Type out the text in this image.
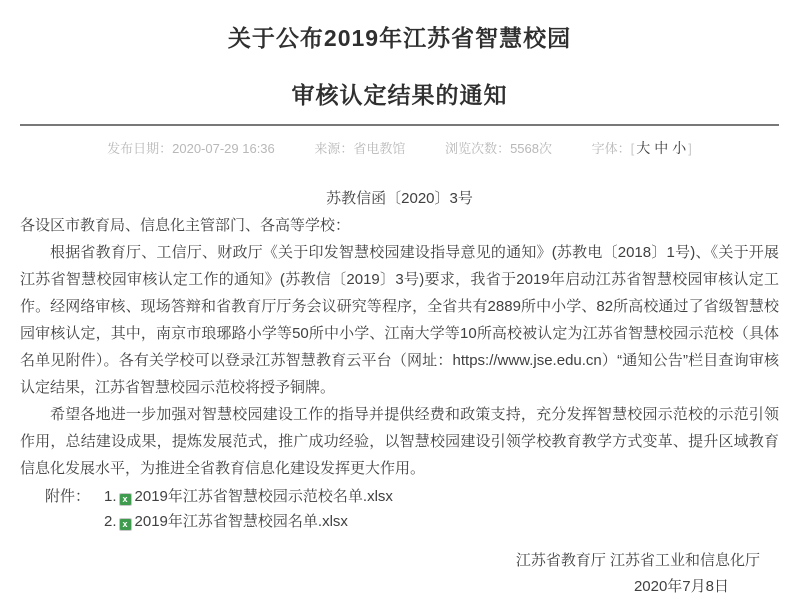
关于公布2019年江苏省智慧校园
审核认定结果的通知
发布日期：2020-07-29 16:36	来源：省电教馆	浏览次数：5568次	字体：[ 大 中 小 ]
苏教信函〔2020〕3号
各设区市教育局、信息化主管部门、各高等学校：

根据省教育厅、工信厅、财政厅《关于印发智慧校园建设指导意见的通知》(苏教电〔2018〕1号)、《关于开展江苏省智慧校园审核认定工作的通知》(苏教信〔2019〕3号)要求，我省于2019年启动江苏省智慧校园审核认定工作。经网络审核、现场答辩和省教育厅厅务会议研究等程序，全省共有2889所中小学、82所高校通过了省级智慧校园审核认定，其中，南京市琅琊路小学等50所中小学、江南大学等10所高校被认定为江苏省智慧校园示范校（具体名单见附件）。各有关学校可以登录江苏智慧教育云平台（网址：https://www.jse.edu.cn）“通知公告”栏目查询审核认定结果，江苏省智慧校园示范校将授予铜牌。

希望各地进一步加强对智慧校园建设工作的指导并提供经费和政策支持，充分发挥智慧校园示范校的示范引领作用，总结建设成果，提炼发展范式，推广成功经验，以智慧校园建设引领学校教育教学方式变革、提升区域教育信息化发展水平，为推进全省教育信息化建设发挥更大作用。

附件： 1. x 2019年江苏省智慧校园示范校名单.xlsx
2. x 2019年江苏省智慧校园名单.xlsx
江苏省教育厅 江苏省工业和信息化厅
2020年7月8日
